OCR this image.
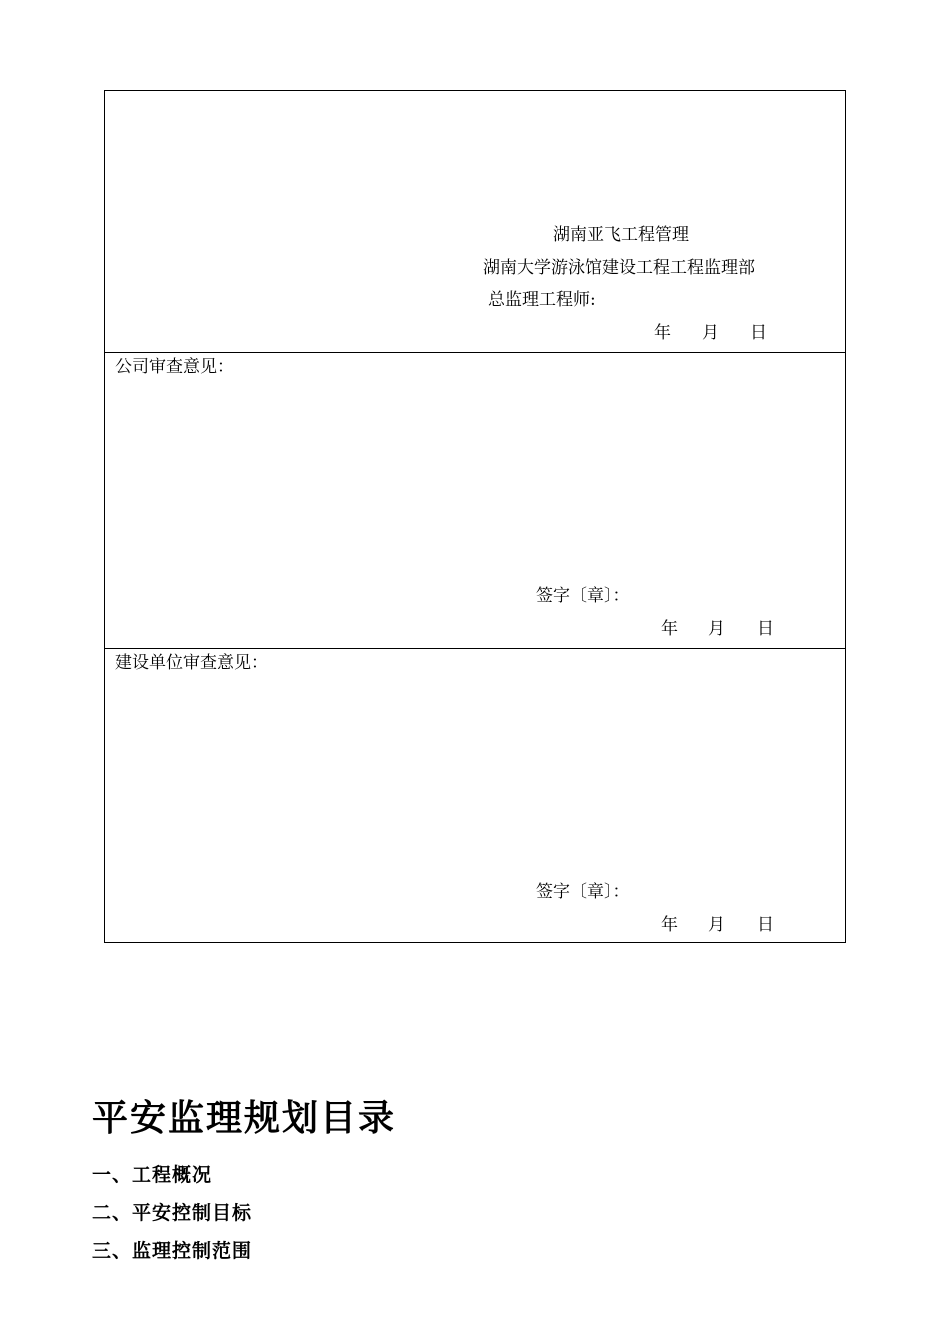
湖南亚飞工程管理
湖南大学游泳馆建设工程工程监理部
总监理工程师:
年 月 日
公司审查意见：
签字〔章〕：
年 月 日
建设单位审查意见：
签字〔章〕：
年 月 日
平安监理规划目录
一、工程概况
二、平安控制目标
三、监理控制范围
